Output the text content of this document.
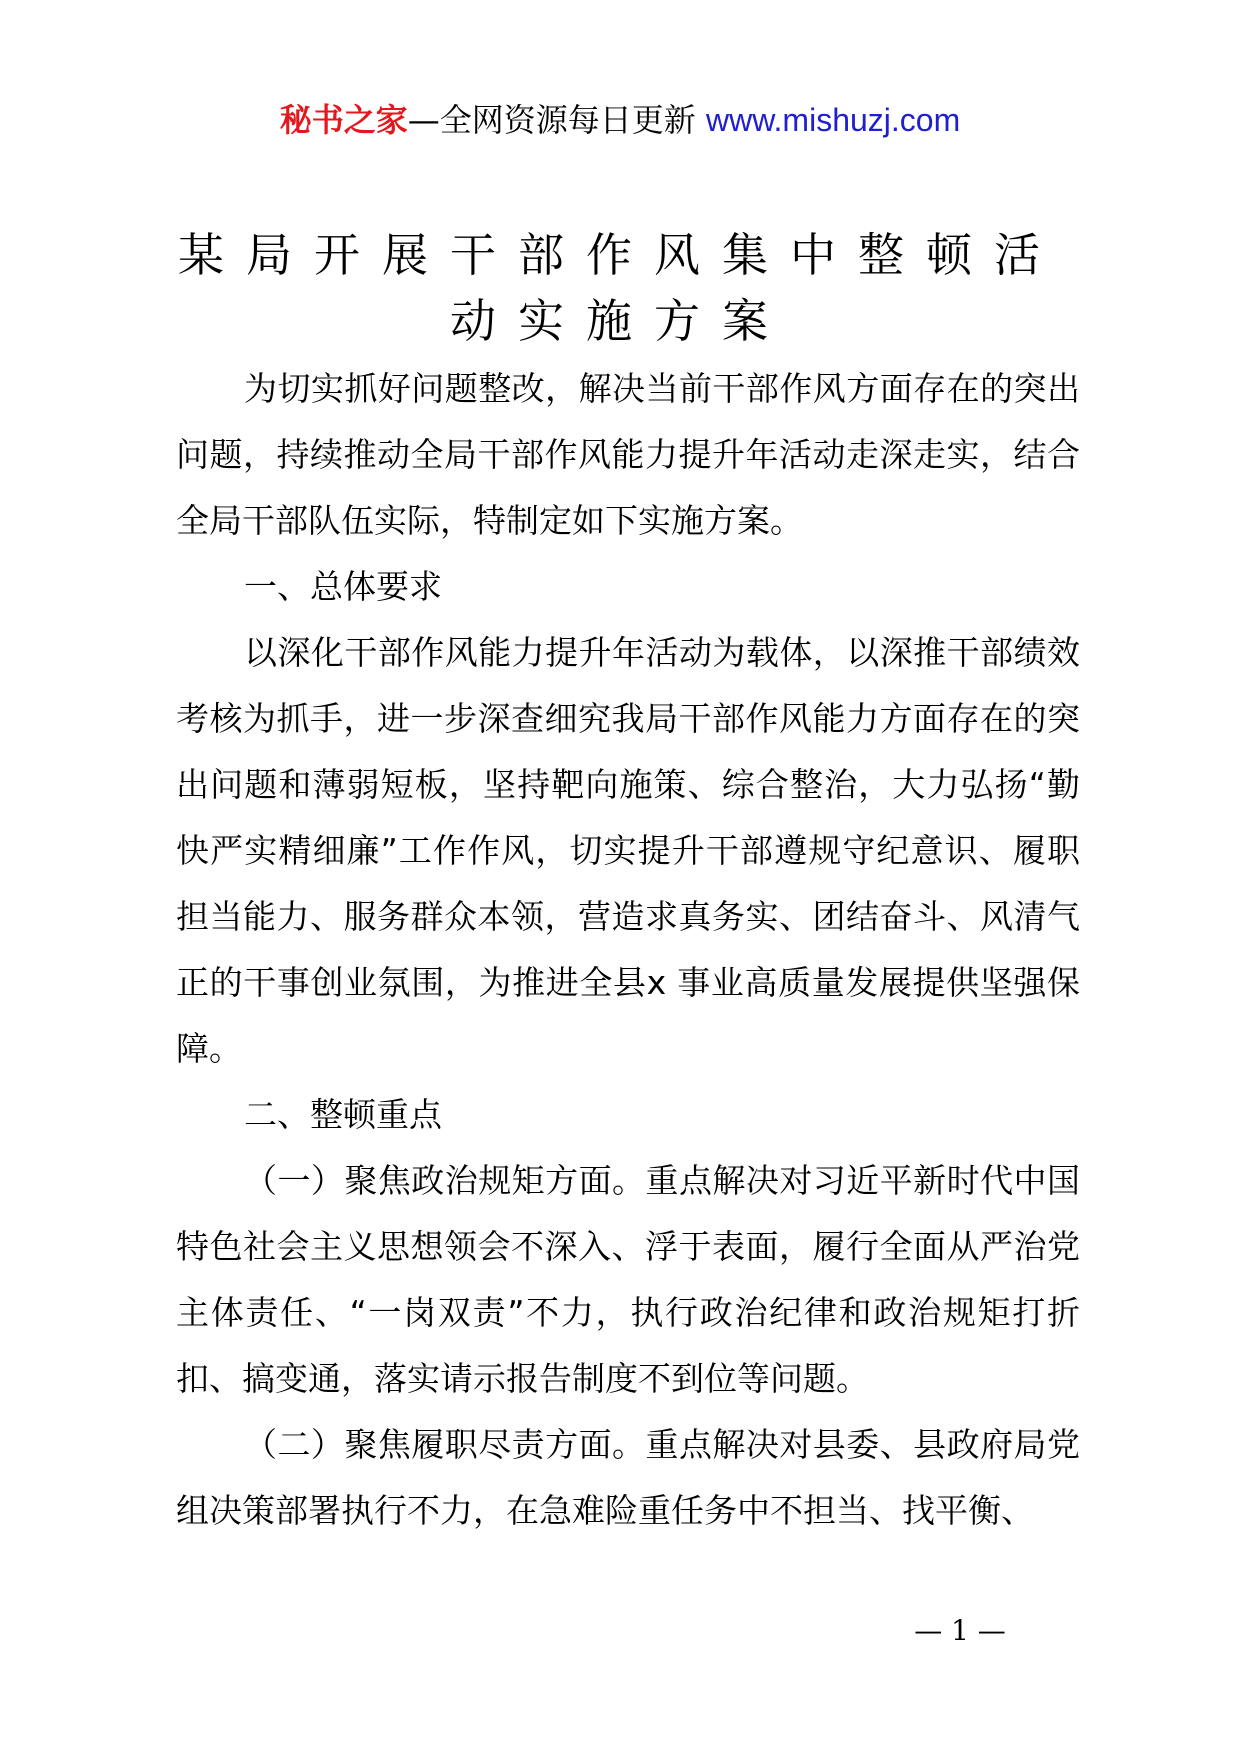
秘书之家—全网资源每日更新 www.mishuzj.com
某局开展干部作风集中整顿活
动实施方案

为切实抓好问题整改，解决当前干部作风方面存在的突出问题，持续推动全局干部作风能力提升年活动走深走实，结合全局干部队伍实际，特制定如下实施方案。

一、总体要求

以深化干部作风能力提升年活动为载体，以深推干部绩效考核为抓手，进一步深查细究我局干部作风能力方面存在的突出问题和薄弱短板，坚持靶向施策、综合整治，大力弘扬“勤快严实精细廉”工作作风，切实提升干部遵规守纪意识、履职担当能力、服务群众本领，营造求真务实、团结奋斗、风清气正的干事创业氛围，为推进全县x 事业高质量发展提供坚强保障。

二、整顿重点

（一）聚焦政治规矩方面。重点解决对习近平新时代中国特色社会主义思想领会不深入、浮于表面，履行全面从严治党主体责任、“一岗双责”不力，执行政治纪律和政治规矩打折扣、搞变通，落实请示报告制度不到位等问题。

（二）聚焦履职尽责方面。重点解决对县委、县政府局党组决策部署执行不力，在急难险重任务中不担当、找平衡、

— 1 —
